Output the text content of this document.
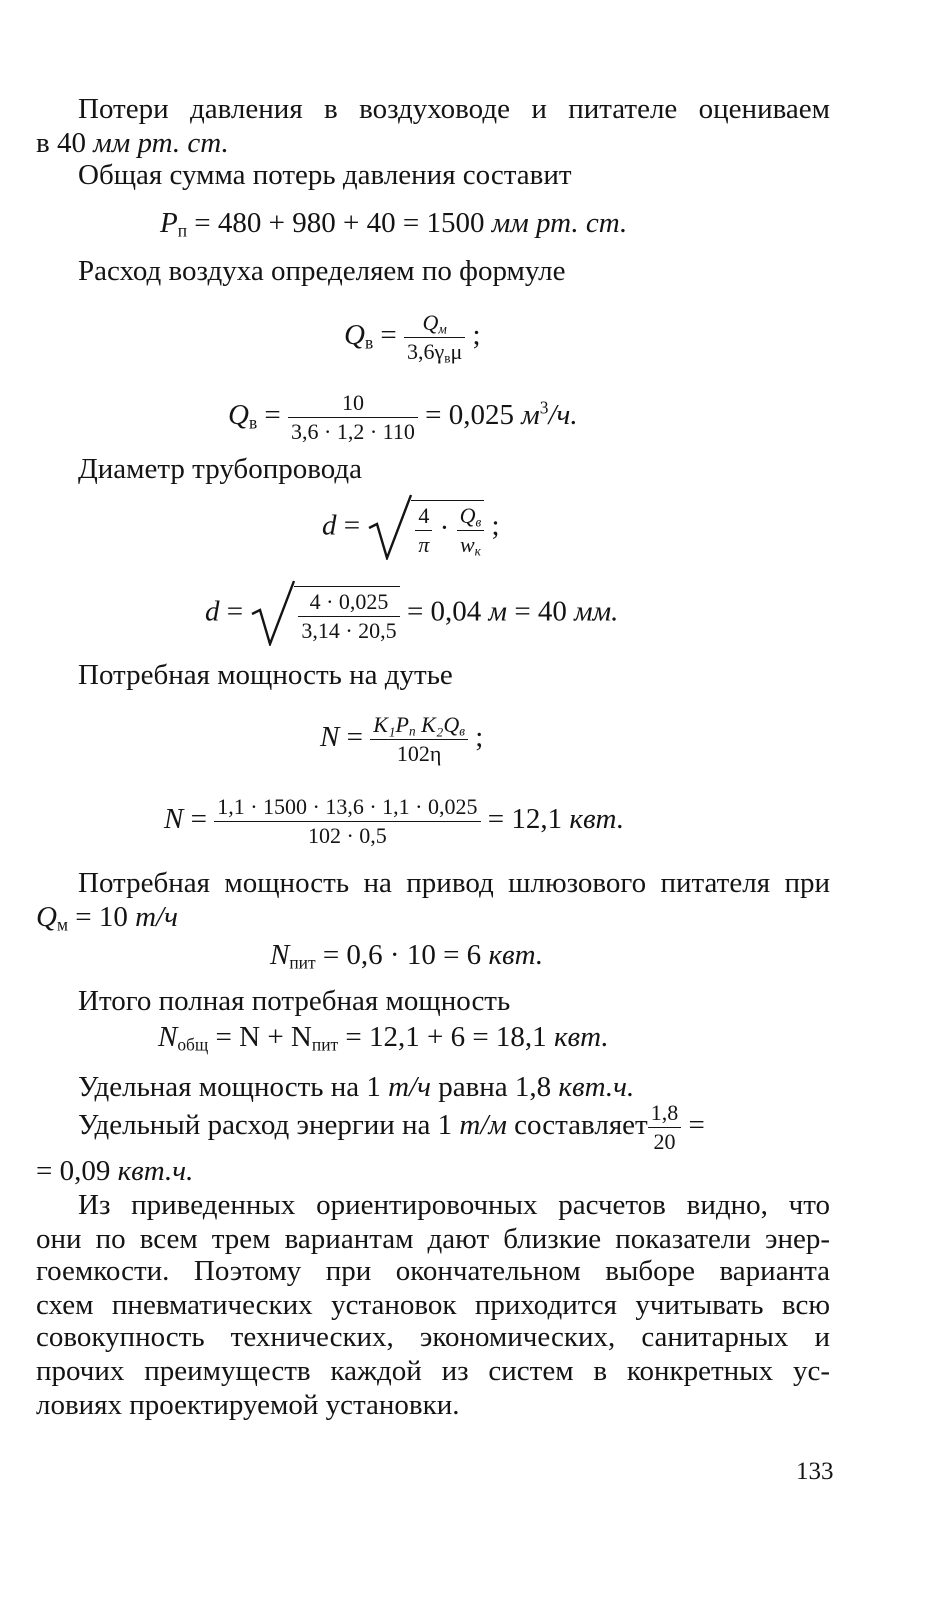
Потери давления в воздуховоде и питателе оцениваем
в 40 мм рт. ст.
Общая сумма потерь давления составит
$P_п = 480 + 980 + 40 = 1500$ мм рт. ст.
Расход воздуха определяем по формуле
$Q_в = \frac{Q_м}{3,6\gamma_в\mu}$ ;
$Q_в = \frac{10}{3,6 \cdot 1,2 \cdot 110} = 0,025$ $м^3/ч$.
Диаметр трубопровода
$d = \frac{4}{\pi} \cdot \frac{Q_в}{w_к}$ ;
$d = \frac{4 \cdot 0,025}{3,14 \cdot 20,5} = 0,04$ м = 40 мм.
Потребная мощность на дутье
$N = \frac{K_1P_п K_2Q_в}{102\eta}$ ;
$N = \frac{1,1 \cdot 1500 \cdot 13,6 \cdot 1,1 \cdot 0,025}{102 \cdot 0,5} = 12,1$ квт.
Потребная мощность на привод шлюзового питателя при
$Q_м = 10$ т/ч
$N_{пит} = 0,6 \cdot 10 = 6$ квт.
Итого полная потребная мощность
$N_{общ} = N + N_{пит} = 12,1 + 6 = 18,1$ квт.
Удельная мощность на 1 т/ч равна 1,8 квт.ч.
Удельный расход энергии на 1 т/м составляет $\frac{1,8}{20}$ =
= 0,09 квт.ч.
Из приведенных ориентировочных расчетов видно, что
они по всем трем вариантам дают близкие показатели энер-
гоемкости. Поэтому при окончательном выборе варианта
схем пневматических установок приходится учитывать всю
совокупность технических, экономических, санитарных и
прочих преимуществ каждой из систем в конкретных ус-
ловиях проектируемой установки.
133
